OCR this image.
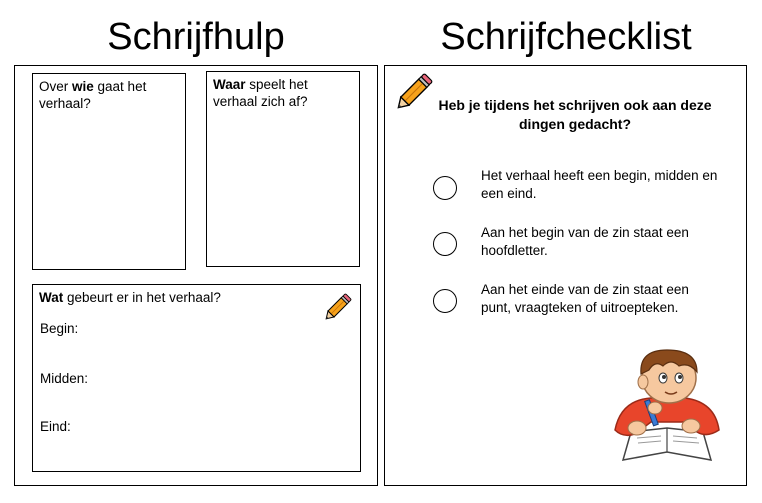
Schrijfhulp	Schrijfchecklist
Over wie gaat het verhaal?
Waar speelt het verhaal zich af?
Wat gebeurt er in het verhaal?
Begin:
Midden:
Eind:
Heb je tijdens het schrijven ook aan deze dingen gedacht?
Het verhaal heeft een begin, midden en een eind.
Aan het begin van de zin staat een hoofdletter.
Aan het einde van de zin staat een punt, vraagteken of uitroepteken.
